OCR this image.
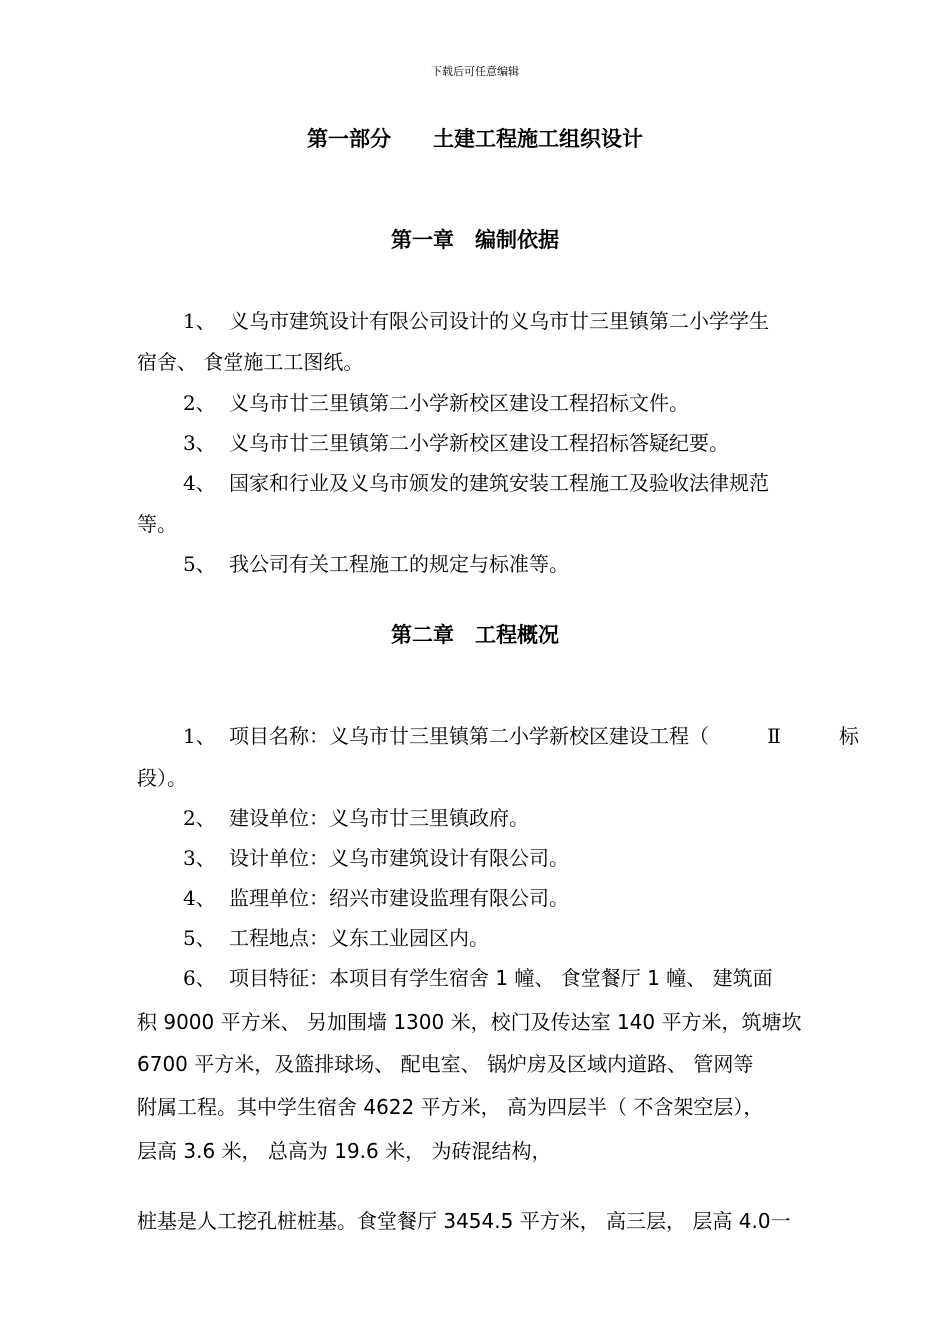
下载后可任意编辑
第一部分　　土建工程施工组织设计
第一章　编制依据
1、 义乌市建筑设计有限公司设计的义乌市廿三里镇第二小学学生
宿舍、 食堂施工工图纸。
2、 义乌市廿三里镇第二小学新校区建设工程招标文件。
3、 义乌市廿三里镇第二小学新校区建设工程招标答疑纪要。
4、 国家和行业及义乌市颁发的建筑安装工程施工及验收法律规范
等。
5、 我公司有关工程施工的规定与标准等。
第二章　工程概况
1、 项目名称：义乌市廿三里镇第二小学新校区建设工程（	Ⅱ	标
段）。
2、 建设单位：义乌市廿三里镇政府。
3、 设计单位：义乌市建筑设计有限公司。
4、 监理单位：绍兴市建设监理有限公司。
5、 工程地点：义东工业园区内。
6、 项目特征：本项目有学生宿舍 1 幢、 食堂餐厅 1 幢、 建筑面
积 9000 平方米、 另加围墙 1300 米，校门及传达室 140 平方米，筑塘坎
6700 平方米，及篮排球场、 配电室、 锅炉房及区域内道路、 管网等
附属工程。其中学生宿舍 4622 平方米， 高为四层半（ 不含架空层），
层高 3.6 米， 总高为 19.6 米， 为砖混结构，
桩基是人工挖孔桩桩基。食堂餐厅 3454.5 平方米， 高三层， 层高 4.0一
